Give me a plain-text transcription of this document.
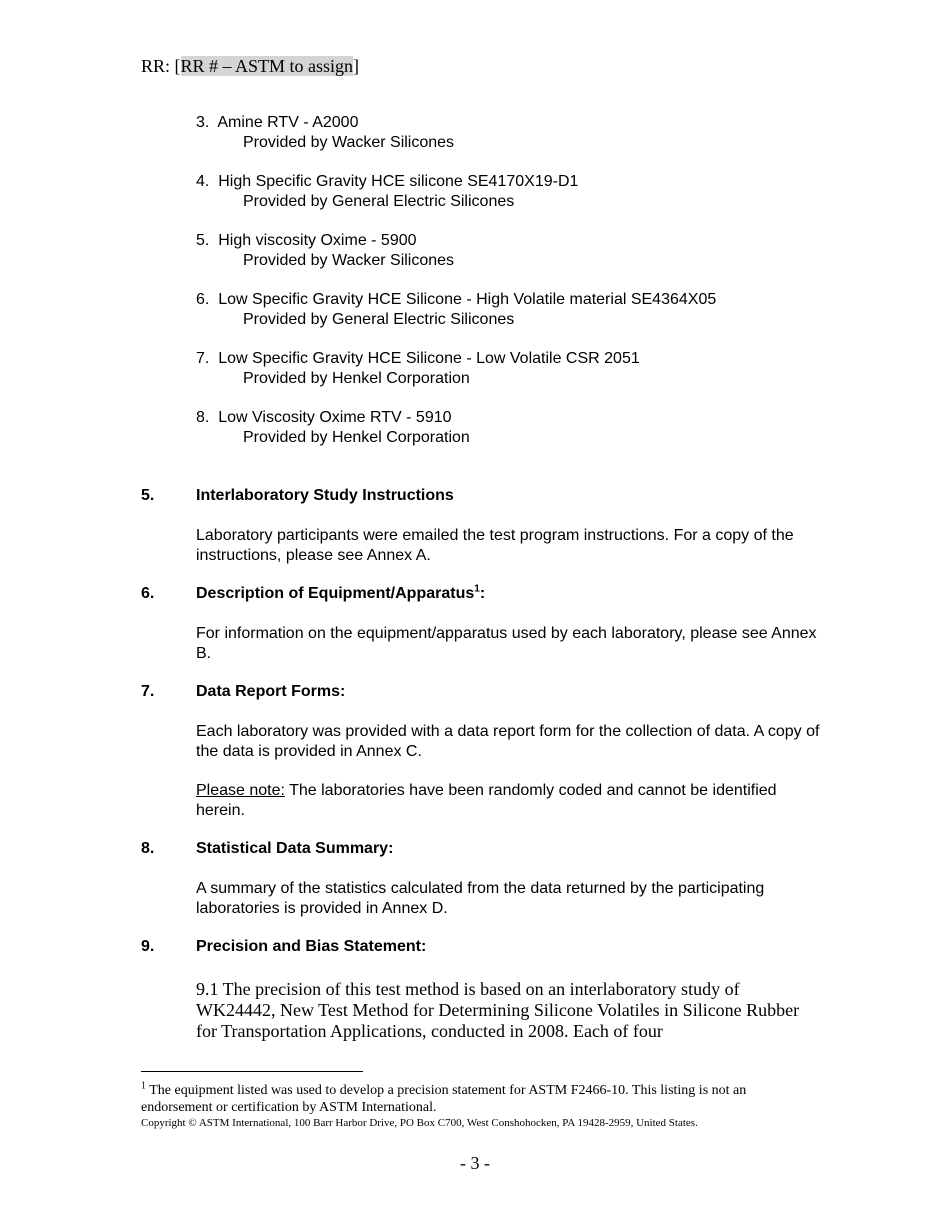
RR: [RR # – ASTM to assign]
3. Amine RTV - A2000
Provided by Wacker Silicones
4. High Specific Gravity HCE silicone SE4170X19-D1
Provided by General Electric Silicones
5. High viscosity Oxime - 5900
Provided by Wacker Silicones
6. Low Specific Gravity HCE Silicone - High Volatile material SE4364X05
Provided by General Electric Silicones
7. Low Specific Gravity HCE Silicone - Low Volatile CSR 2051
Provided by Henkel Corporation
8. Low Viscosity Oxime RTV - 5910
Provided by Henkel Corporation
5.	Interlaboratory Study Instructions
Laboratory participants were emailed the test program instructions. For a copy of the instructions, please see Annex A.
6.	Description of Equipment/Apparatus$^1$:
For information on the equipment/apparatus used by each laboratory, please see Annex B.
7.	Data Report Forms:
Each laboratory was provided with a data report form for the collection of data. A copy of the data is provided in Annex C.
Please note: The laboratories have been randomly coded and cannot be identified herein.
8.	Statistical Data Summary:
A summary of the statistics calculated from the data returned by the participating laboratories is provided in Annex D.
9.	Precision and Bias Statement:
9.1 The precision of this test method is based on an interlaboratory study of WK24442, New Test Method for Determining Silicone Volatiles in Silicone Rubber for Transportation Applications, conducted in 2008. Each of four
$^1$ The equipment listed was used to develop a precision statement for ASTM F2466-10. This listing is not an endorsement or certification by ASTM International.
Copyright © ASTM International, 100 Barr Harbor Drive, PO Box C700, West Conshohocken, PA 19428-2959, United States.
- 3 -
